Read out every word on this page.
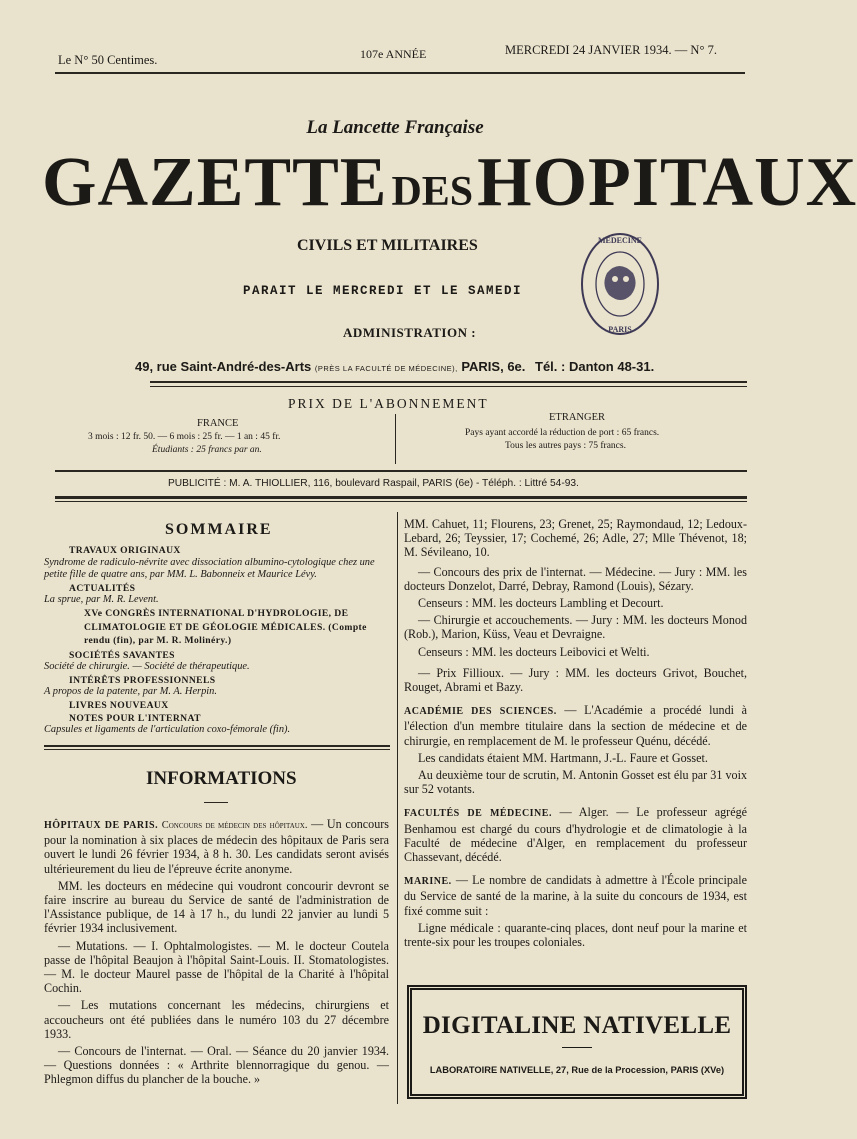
Le N° 50 Centimes.	107e ANNÉE	MERCREDI 24 JANVIER 1934. — N° 7.
La Lancette Française
GAZETTE DES HOPITAUX
CIVILS ET MILITAIRES
PARAIT LE MERCREDI ET LE SAMEDI
ADMINISTRATION :
49, rue Saint-André-des-Arts (PRÈS LA FACULTÉ DE MÉDECINE), PARIS, 6e. Tél. : Danton 48-31.
MÉDECINE
PARIS
PRIX DE L'ABONNEMENT
FRANCE
3 mois : 12 fr. 50. — 6 mois : 25 fr. — 1 an : 45 fr.
Étudiants : 25 francs par an.
ETRANGER
Pays ayant accordé la réduction de port : 65 francs.
Tous les autres pays : 75 francs.
PUBLICITÉ : M. A. THIOLLIER, 116, boulevard Raspail, PARIS (6e) - Téléph. : Littré 54-93.
SOMMAIRE
TRAVAUX ORIGINAUX
Syndrome de radiculo-névrite avec dissociation albumino-cytologique chez une petite fille de quatre ans, par MM. L. Babonneix et Maurice Lévy.
ACTUALITÉS
La sprue, par M. R. Levent.
XVe CONGRÈS INTERNATIONAL D'HYDROLOGIE, DE CLIMATOLOGIE ET DE GÉOLOGIE MÉDICALES. (Compte rendu (fin), par M. R. Molinéry.)
SOCIÉTÉS SAVANTES
Société de chirurgie. — Société de thérapeutique.
INTÉRÊTS PROFESSIONNELS
A propos de la patente, par M. A. Herpin.
LIVRES NOUVEAUX
NOTES POUR L'INTERNAT
Capsules et ligaments de l'articulation coxo-fémorale (fin).
INFORMATIONS

HÔPITAUX DE PARIS. Concours de médecin des hôpitaux. — Un concours pour la nomination à six places de médecin des hôpitaux de Paris sera ouvert le lundi 26 février 1934, à 8 h. 30. Les candidats seront avisés ultérieurement du lieu de l'épreuve écrite anonyme.

MM. les docteurs en médecine qui voudront concourir devront se faire inscrire au bureau du Service de santé de l'administration de l'Assistance publique, de 14 à 17 h., du lundi 22 janvier au lundi 5 février 1934 inclusivement.

— Mutations. — I. Ophtalmologistes. — M. le docteur Coutela passe de l'hôpital Beaujon à l'hôpital Saint-Louis. II. Stomatologistes. — M. le docteur Maurel passe de l'hôpital de la Charité à l'hôpital Cochin.

— Les mutations concernant les médecins, chirurgiens et accoucheurs ont été publiées dans le numéro 103 du 27 décembre 1933.

— Concours de l'internat. — Oral. — Séance du 20 janvier 1934. — Questions données : « Arthrite blennorragique du genou. — Phlegmon diffus du plancher de la bouche. »

MM. Cahuet, 11; Flourens, 23; Grenet, 25; Raymondaud, 12; Ledoux-Lebard, 26; Teyssier, 17; Cochemé, 26; Adle, 27; Mlle Thévenot, 18; M. Sévileano, 10.

— Concours des prix de l'internat. — Médecine. — Jury : MM. les docteurs Donzelot, Darré, Debray, Ramond (Louis), Sézary.

Censeurs : MM. les docteurs Lambling et Decourt.

— Chirurgie et accouchements. — Jury : MM. les docteurs Monod (Rob.), Marion, Küss, Veau et Devraigne.

Censeurs : MM. les docteurs Leibovici et Welti.

— Prix Fillioux. — Jury : MM. les docteurs Grivot, Bouchet, Rouget, Abrami et Bazy.

ACADÉMIE DES SCIENCES. — L'Académie a procédé lundi à l'élection d'un membre titulaire dans la section de médecine et de chirurgie, en remplacement de M. le professeur Quénu, décédé.

Les candidats étaient MM. Hartmann, J.-L. Faure et Gosset.

Au deuxième tour de scrutin, M. Antonin Gosset est élu par 31 voix sur 52 votants.

FACULTÉS DE MÉDECINE. — Alger. — Le professeur agrégé Benhamou est chargé du cours d'hydrologie et de climatologie à la Faculté de médecine d'Alger, en remplacement du professeur Chassevant, décédé.

MARINE. — Le nombre de candidats à admettre à l'École principale du Service de santé de la marine, à la suite du concours de 1934, est fixé comme suit :

Ligne médicale : quarante-cinq places, dont neuf pour la marine et trente-six pour les troupes coloniales.

DIGITALINE NATIVELLE
LABORATOIRE NATIVELLE, 27, Rue de la Procession, PARIS (XVe)
